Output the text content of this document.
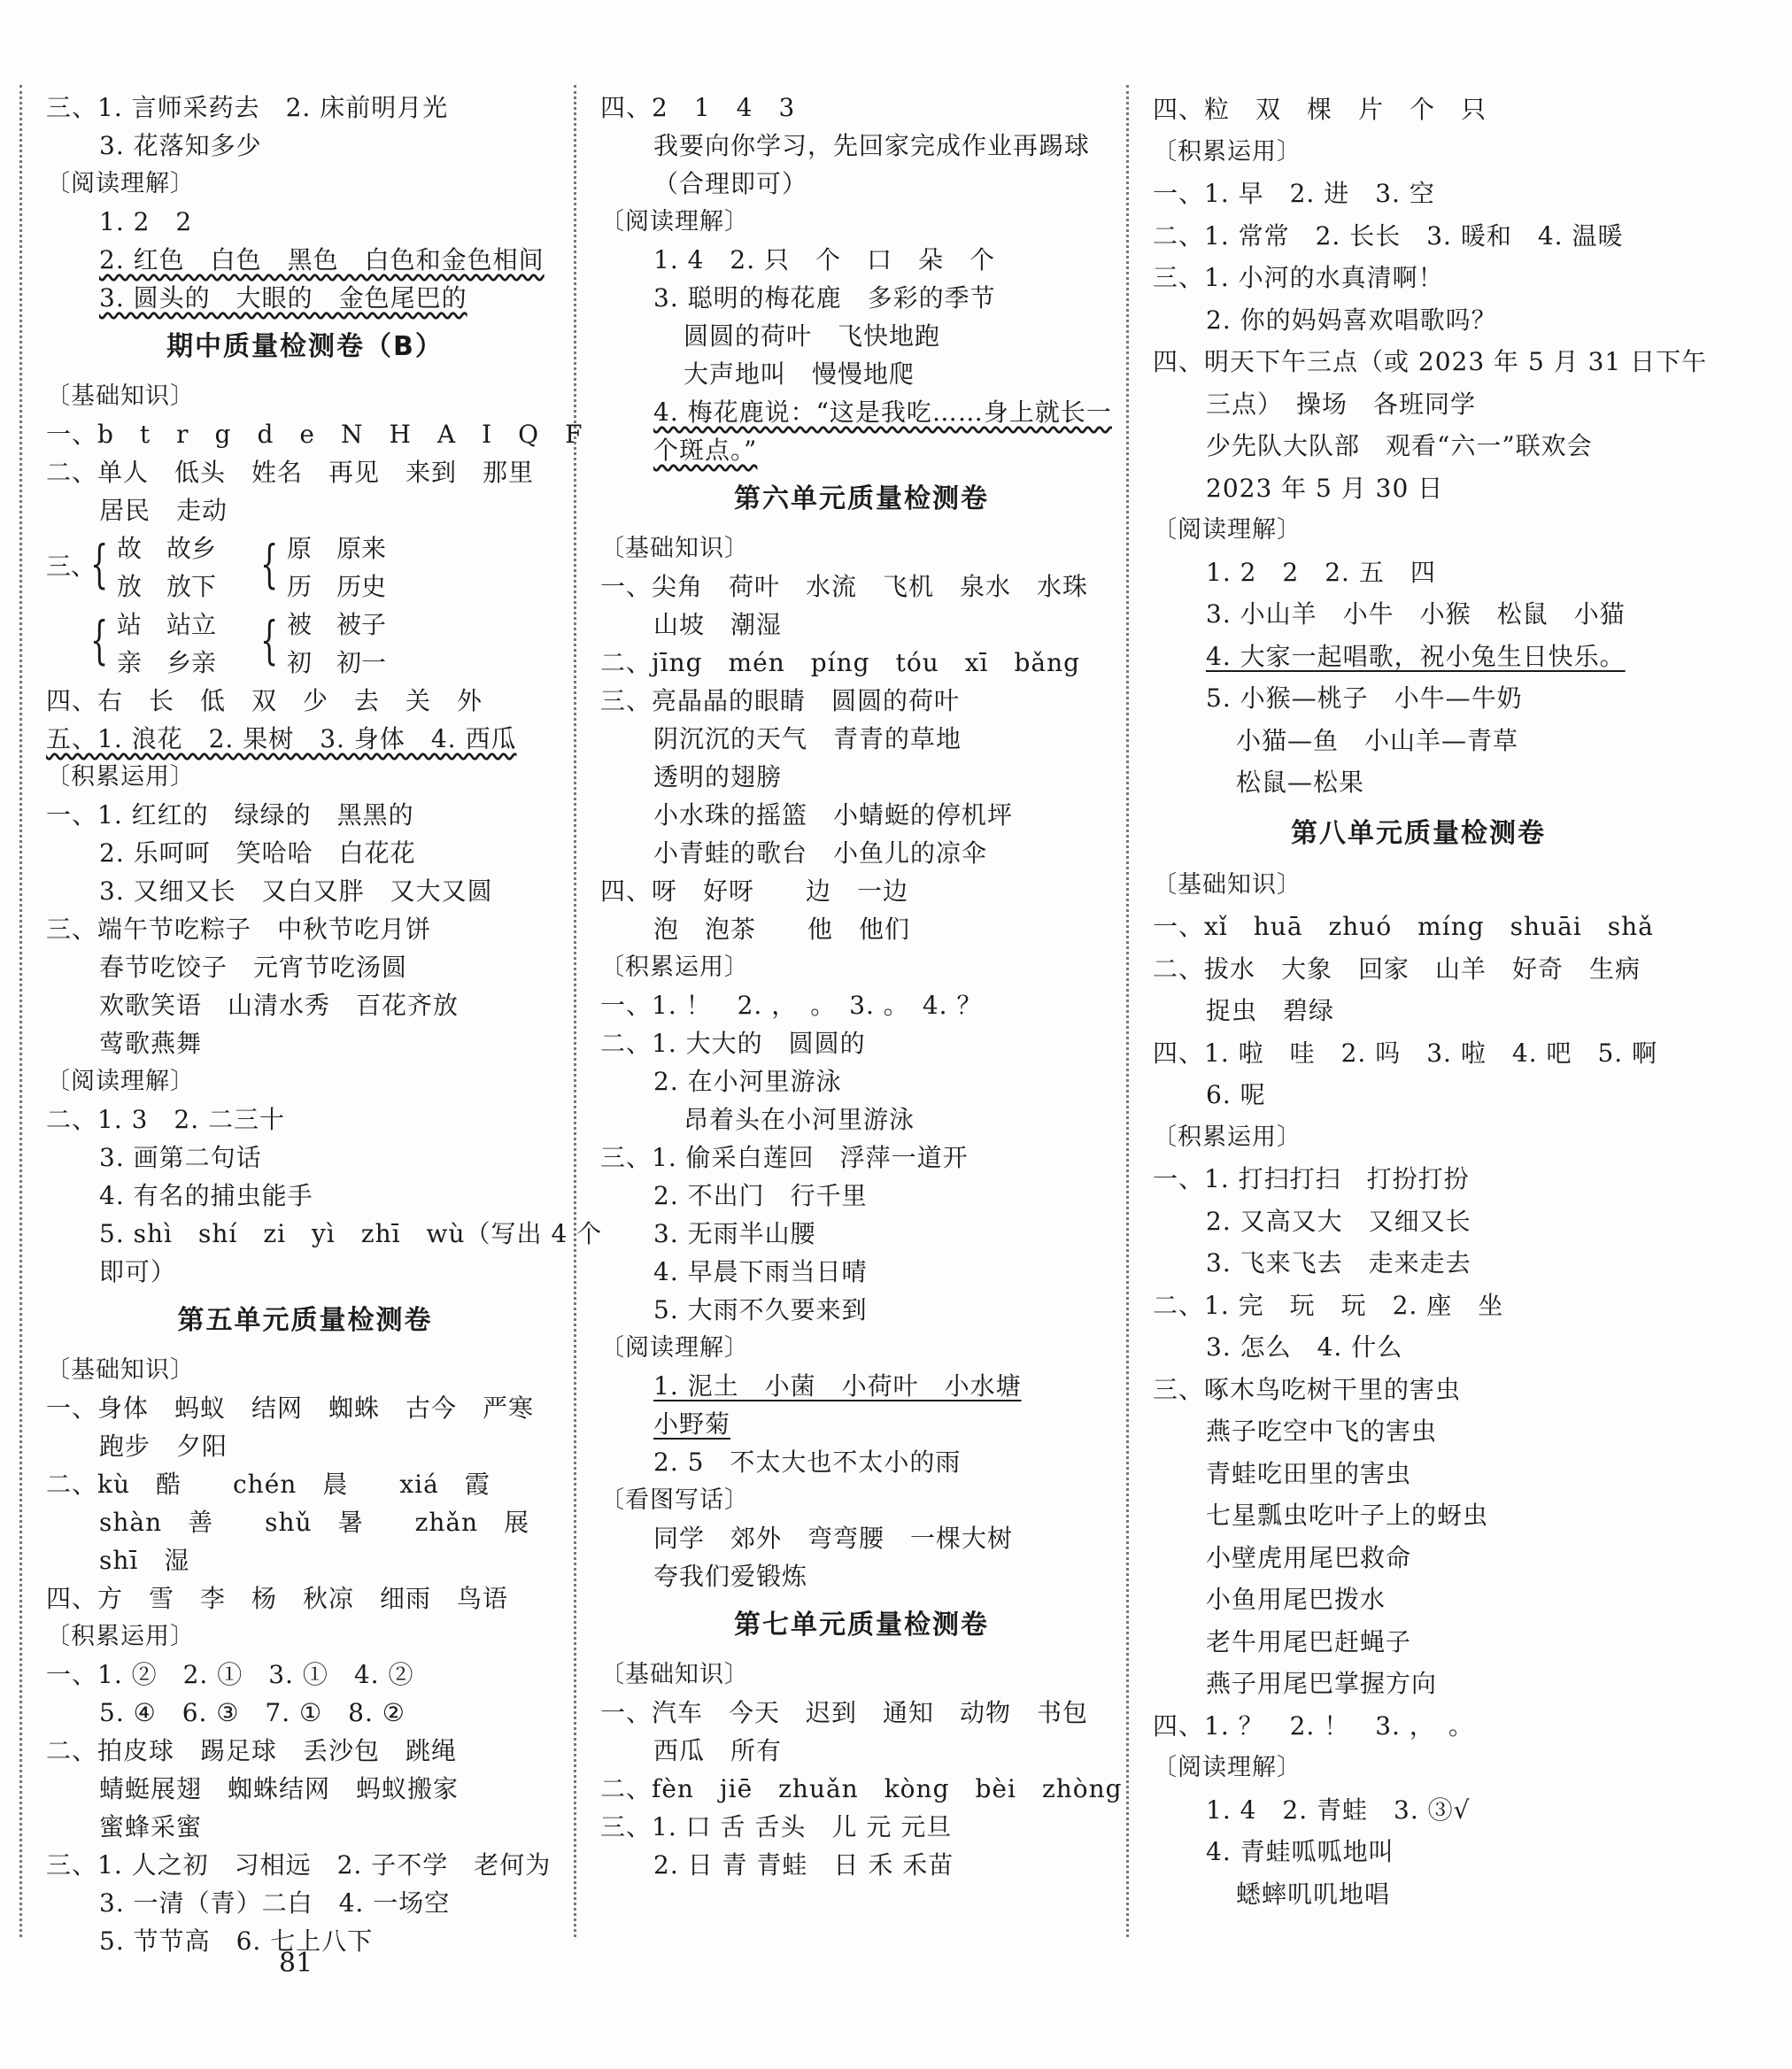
三、1. 言师采药去　2. 床前明月光
3. 花落知多少
〔阅读理解〕
1. 2　2
2. 红色　白色　黑色　白色和金色相间
3. 圆头的　大眼的　金色尾巴的
期中质量检测卷（B）
〔基础知识〕
一、b　t　r　g　d　e　N　H　A　I　Q　F
二、单人　低头　姓名　再见　来到　那里
居民　走动
三、
{ 故　故乡
放　放下 { 原　原来
历　历史
{ 站　站立
亲　乡亲 { 被　被子
初　初一
四、右　长　低　双　少　去　关　外
五、1. 浪花　2. 果树　3. 身体　4. 西瓜
〔积累运用〕
一、1. 红红的　绿绿的　黑黑的
2. 乐呵呵　笑哈哈　白花花
3. 又细又长　又白又胖　又大又圆
三、端午节吃粽子　中秋节吃月饼
春节吃饺子　元宵节吃汤圆
欢歌笑语　山清水秀　百花齐放
莺歌燕舞
〔阅读理解〕
二、1. 3　2. 二三十
3. 画第二句话
4. 有名的捕虫能手
5. shì　shí　zi　yì　zhī　wù（写出 4 个
即可）
第五单元质量检测卷
〔基础知识〕
一、身体　蚂蚁　结网　蜘蛛　古今　严寒
跑步　夕阳
二、kù　酷　　chén　晨　　xiá　霞
shàn　善　　shǔ　暑　　zhǎn　展
shī　湿
四、方　雪　李　杨　秋凉　细雨　鸟语
〔积累运用〕
一、1. ②　2. ①　3. ①　4. ②
5. ④　6. ③　7. ①　8. ②
二、拍皮球　踢足球　丢沙包　跳绳
蜻蜓展翅　蜘蛛结网　蚂蚁搬家
蜜蜂采蜜
三、1. 人之初　习相远　2. 子不学　老何为
3. 一清（青）二白　4. 一场空
5. 节节高　6. 七上八下
四、2　1　4　3
我要向你学习，先回家完成作业再踢球
（合理即可）
〔阅读理解〕
1. 4　2. 只　个　口　朵　个
3. 聪明的梅花鹿　多彩的季节
圆圆的荷叶　飞快地跑
大声地叫　慢慢地爬
4. 梅花鹿说：“这是我吃……身上就长一
个斑点。”
第六单元质量检测卷
〔基础知识〕
一、尖角　荷叶　水流　飞机　泉水　水珠
山坡　潮湿
二、jīng　mén　píng　tóu　xī　bǎng
三、亮晶晶的眼睛　圆圆的荷叶
阴沉沉的天气　青青的草地
透明的翅膀
小水珠的摇篮　小蜻蜓的停机坪
小青蛙的歌台　小鱼儿的凉伞
四、呀　好呀　　边　一边
泡　泡茶　　他　他们
〔积累运用〕
一、1. ！　2. ，　。　3. 。　4. ？
二、1. 大大的　圆圆的
2. 在小河里游泳
昂着头在小河里游泳
三、1. 偷采白莲回　浮萍一道开
2. 不出门　行千里
3. 无雨半山腰
4. 早晨下雨当日晴
5. 大雨不久要来到
〔阅读理解〕
1. 泥土　小菌　小荷叶　小水塘
小野菊
2. 5　不太大也不太小的雨
〔看图写话〕
同学　郊外　弯弯腰　一棵大树
夸我们爱锻炼
第七单元质量检测卷
〔基础知识〕
一、汽车　今天　迟到　通知　动物　书包
西瓜　所有
二、fèn　jiē　zhuǎn　kòng　bèi　zhòng
三、1. 口 舌 舌头　儿 元 元旦
2. 日 青 青蛙　日 禾 禾苗
四、粒　双　棵　片　个　只
〔积累运用〕
一、1. 早　2. 进　3. 空
二、1. 常常　2. 长长　3. 暖和　4. 温暖
三、1. 小河的水真清啊！
2. 你的妈妈喜欢唱歌吗？
四、明天下午三点（或 2023 年 5 月 31 日下午
三点）　操场　各班同学
少先队大队部　观看“六一”联欢会
2023 年 5 月 30 日
〔阅读理解〕
1. 2　2　2. 五　四
3. 小山羊　小牛　小猴　松鼠　小猫
4. 大家一起唱歌，祝小兔生日快乐。
5. 小猴—桃子　小牛—牛奶
小猫—鱼　小山羊—青草
松鼠—松果
第八单元质量检测卷
〔基础知识〕
一、xǐ　huā　zhuó　míng　shuāi　shǎ
二、拔水　大象　回家　山羊　好奇　生病
捉虫　碧绿
四、1. 啦　哇　2. 吗　3. 啦　4. 吧　5. 啊
6. 呢
〔积累运用〕
一、1. 打扫打扫　打扮打扮
2. 又高又大　又细又长
3. 飞来飞去　走来走去
二、1. 完　玩　玩　2. 座　坐
3. 怎么　4. 什么
三、啄木鸟吃树干里的害虫
燕子吃空中飞的害虫
青蛙吃田里的害虫
七星瓢虫吃叶子上的蚜虫
小壁虎用尾巴救命
小鱼用尾巴拨水
老牛用尾巴赶蝇子
燕子用尾巴掌握方向
四、1. ？　2. ！　3. ，　。
〔阅读理解〕
1. 4　2. 青蛙　3. ③√
4. 青蛙呱呱地叫
蟋蟀叽叽地唱
81
